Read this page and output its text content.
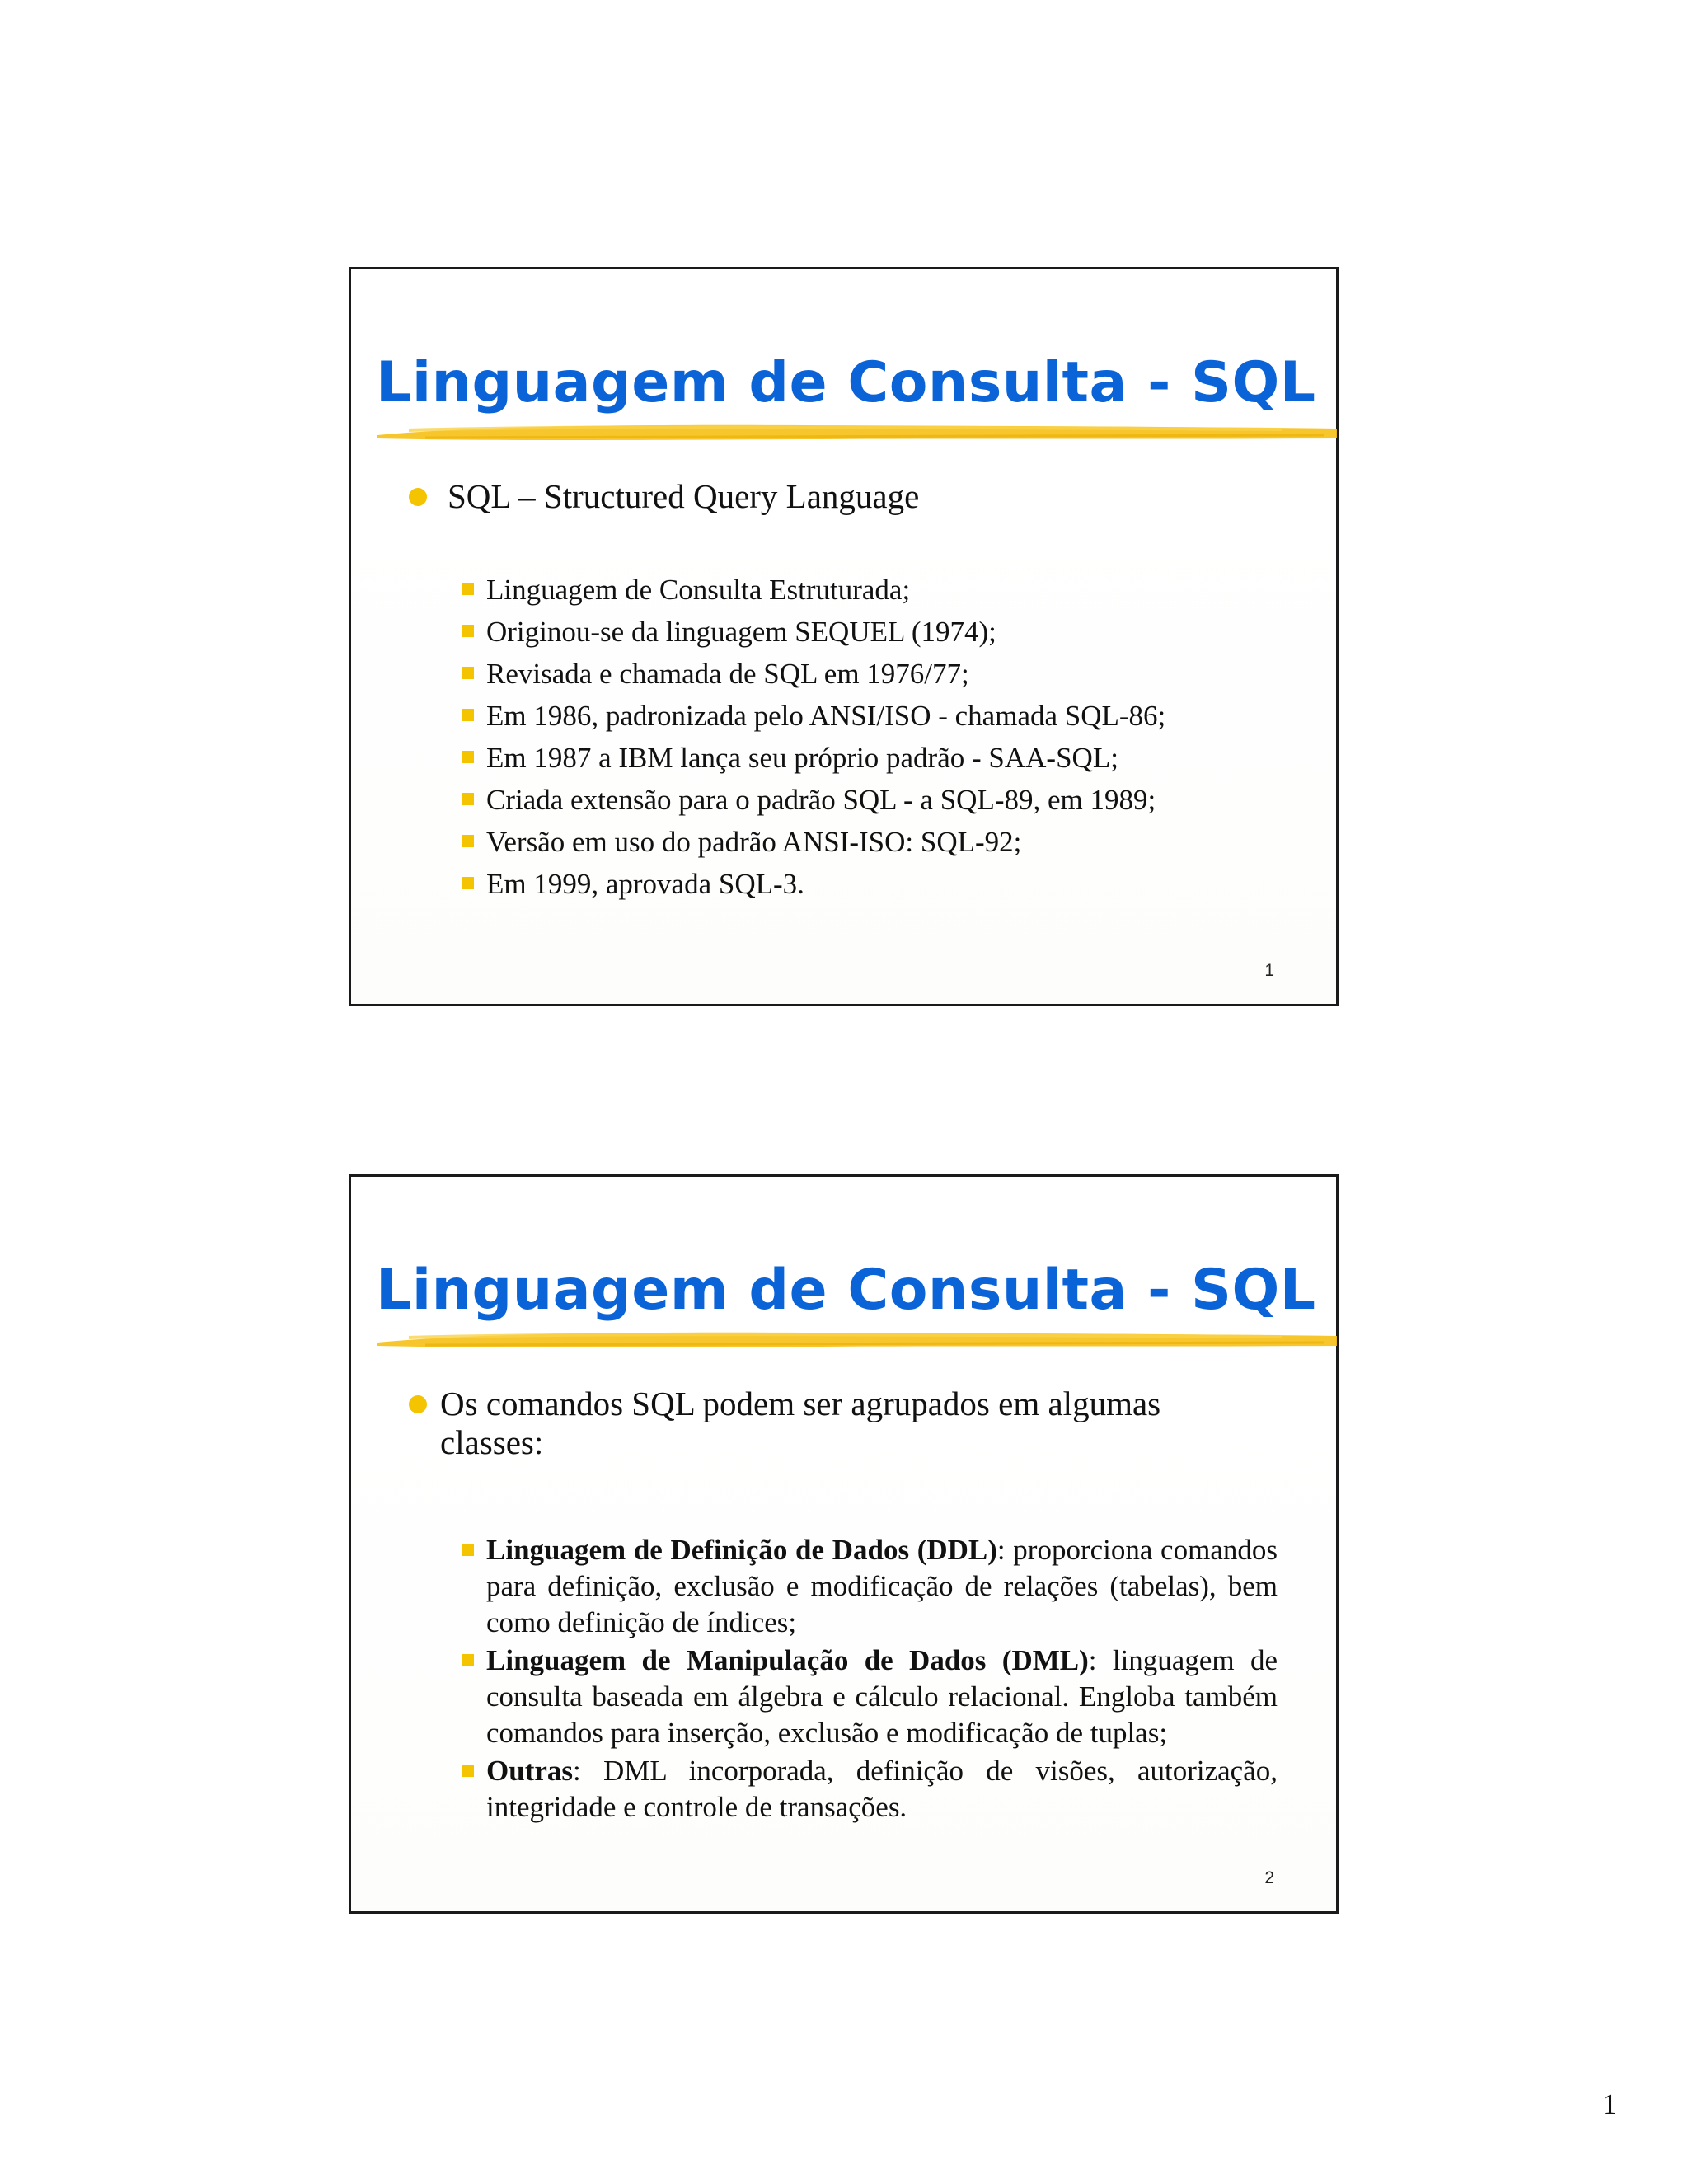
Linguagem de Consulta - SQL
SQL – Structured Query Language
Linguagem de Consulta Estruturada;
Originou-se da linguagem SEQUEL (1974);
Revisada e chamada de SQL em 1976/77;
Em 1986, padronizada pelo ANSI/ISO - chamada SQL-86;
Em 1987 a IBM lança seu próprio padrão - SAA-SQL;
Criada extensão para o padrão SQL - a SQL-89, em 1989;
Versão em uso do padrão ANSI-ISO: SQL-92;
Em 1999, aprovada SQL-3.
1
Linguagem de Consulta - SQL
Os comandos SQL podem ser agrupados em algumas
classes:
Linguagem de Definição de Dados (DDL): proporciona comandos para definição, exclusão e modificação de relações (tabelas), bem como definição de índices;
Linguagem de Manipulação de Dados (DML): linguagem de consulta baseada em álgebra e cálculo relacional. Engloba também comandos para inserção, exclusão e modificação de tuplas;
Outras: DML incorporada, definição de visões, autorização, integridade e controle de transações.
2
1
